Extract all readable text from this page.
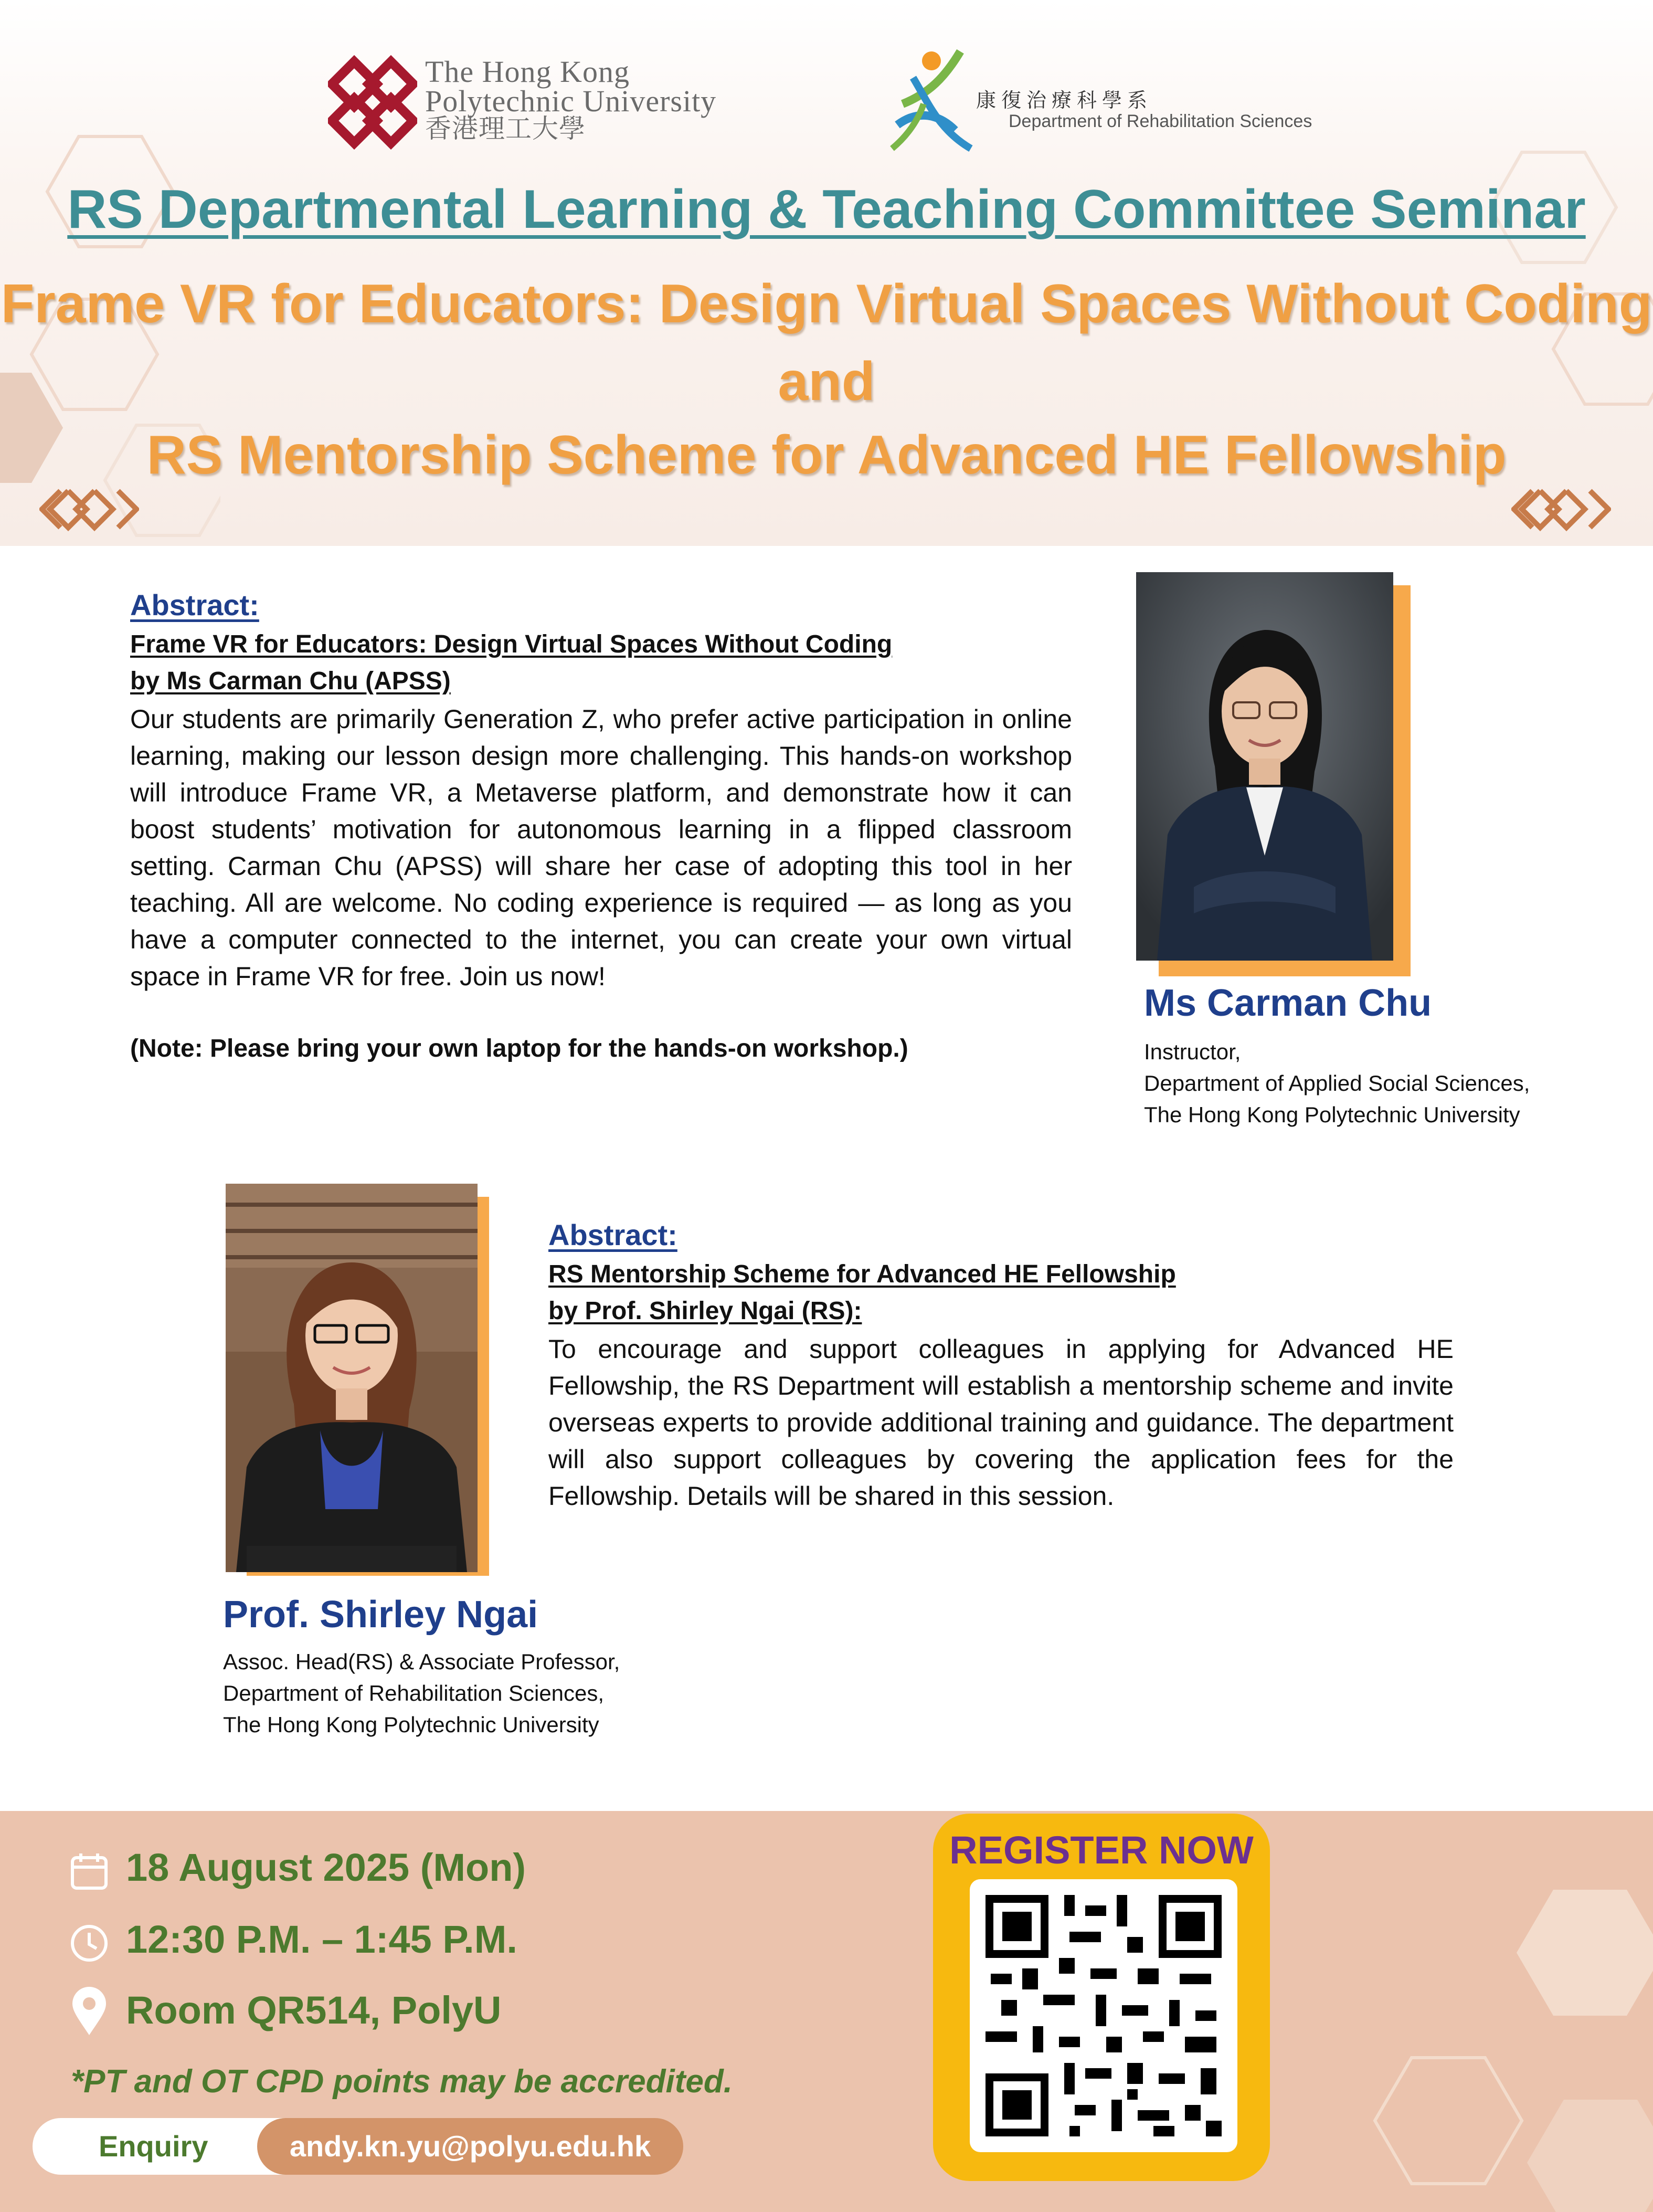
The Hong Kong
Polytechnic University
香港理工大學
康復治療科學系
Department of Rehabilitation Sciences
RS Departmental Learning & Teaching Committee Seminar
Frame VR for Educators: Design Virtual Spaces Without Coding
and
RS Mentorship Scheme for Advanced HE Fellowship
Abstract:
Frame VR for Educators: Design Virtual Spaces Without Coding
by Ms Carman Chu (APSS)
Our students are primarily Generation Z, who prefer active participation in online learning, making our lesson design more challenging. This hands-on workshop will introduce Frame VR, a Metaverse platform, and demonstrate how it can boost students’ motivation for autonomous learning in a flipped classroom setting. Carman Chu (APSS) will share her case of adopting this tool in her teaching. All are welcome. No coding experience is required — as long as you have a computer connected to the internet, you can create your own virtual space in Frame VR for free. Join us now!
(Note: Please bring your own laptop for the hands-on workshop.)
Ms Carman Chu
Instructor,
Department of Applied Social Sciences,
The Hong Kong Polytechnic University
Abstract:
RS Mentorship Scheme for Advanced HE Fellowship
by Prof. Shirley Ngai (RS):
To encourage and support colleagues in applying for Advanced HE Fellowship, the RS Department will establish a mentorship scheme and invite overseas experts to provide additional training and guidance. The department will also support colleagues by covering the application fees for the Fellowship. Details will be shared in this session.
Prof. Shirley Ngai
Assoc. Head(RS) & Associate Professor,
Department of Rehabilitation Sciences,
The Hong Kong Polytechnic University
18 August 2025 (Mon)
12:30 P.M. – 1:45 P.M.
Room QR514, PolyU
*PT and OT CPD points may be accredited.
Enquiry	andy.kn.yu@polyu.edu.hk
REGISTER NOW
